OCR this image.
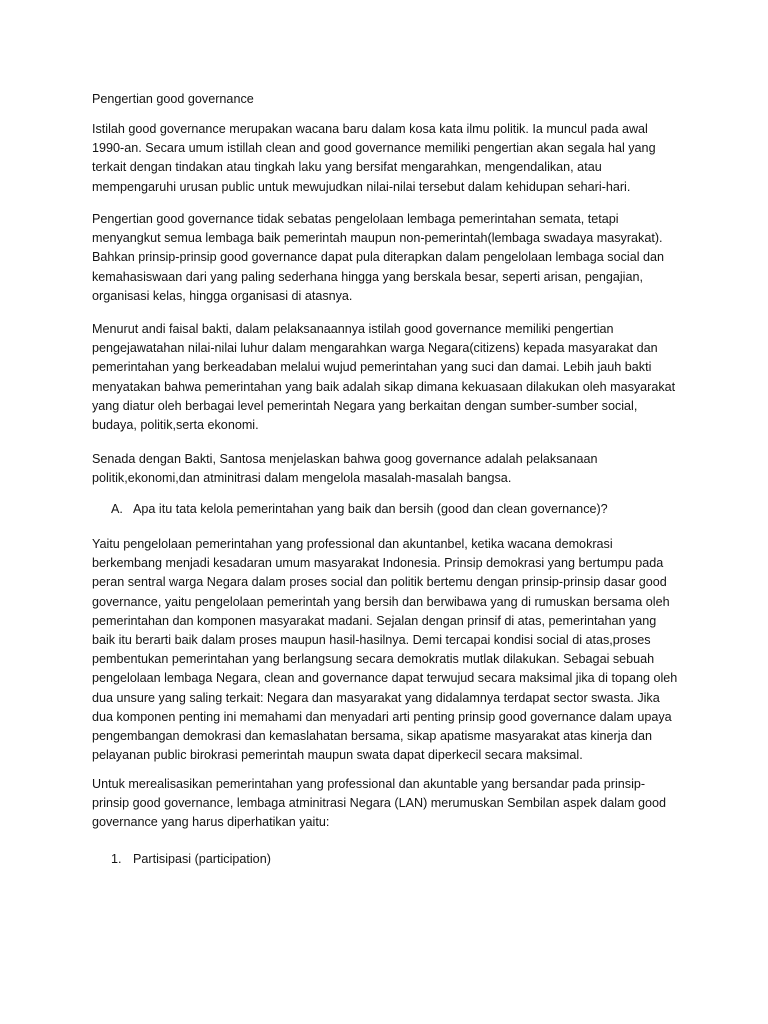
Pengertian good governance

Istilah good governance merupakan wacana baru dalam kosa kata ilmu politik. Ia muncul pada awal
1990-an. Secara umum istillah clean and good governance memiliki pengertian akan segala hal yang
terkait dengan tindakan atau tingkah laku yang bersifat mengarahkan, mengendalikan, atau
mempengaruhi urusan public untuk mewujudkan nilai-nilai tersebut dalam kehidupan sehari-hari.

Pengertian good governance tidak sebatas pengelolaan lembaga pemerintahan semata, tetapi
menyangkut semua lembaga baik pemerintah maupun non-pemerintah(lembaga swadaya masyrakat).
Bahkan prinsip-prinsip good governance dapat pula diterapkan dalam pengelolaan lembaga social dan
kemahasiswaan dari yang paling sederhana hingga yang berskala besar, seperti arisan, pengajian,
organisasi kelas, hingga organisasi di atasnya.

Menurut andi faisal bakti, dalam pelaksanaannya istilah good governance memiliki pengertian
pengejawatahan nilai-nilai luhur dalam mengarahkan warga Negara(citizens) kepada masyarakat dan
pemerintahan yang berkeadaban melalui wujud pemerintahan yang suci dan damai. Lebih jauh bakti
menyatakan bahwa pemerintahan yang baik adalah sikap dimana kekuasaan dilakukan oleh masyarakat
yang diatur oleh berbagai level pemerintah Negara yang berkaitan dengan sumber-sumber social,
budaya, politik,serta ekonomi.

Senada dengan Bakti, Santosa menjelaskan bahwa goog governance adalah pelaksanaan
politik,ekonomi,dan atminitrasi dalam mengelola masalah-masalah bangsa.

A. Apa itu tata kelola pemerintahan yang baik dan bersih (good dan clean governance)?

Yaitu pengelolaan pemerintahan yang professional dan akuntanbel, ketika wacana demokrasi
berkembang menjadi kesadaran umum masyarakat Indonesia. Prinsip demokrasi yang bertumpu pada
peran sentral warga Negara dalam proses social dan politik bertemu dengan prinsip-prinsip dasar good
governance, yaitu pengelolaan pemerintah yang bersih dan berwibawa yang di rumuskan bersama oleh
pemerintahan dan komponen masyarakat madani. Sejalan dengan prinsif di atas, pemerintahan yang
baik itu berarti baik dalam proses maupun hasil-hasilnya. Demi tercapai kondisi social di atas,proses
pembentukan pemerintahan yang berlangsung secara demokratis mutlak dilakukan. Sebagai sebuah
pengelolaan lembaga Negara, clean and governance dapat terwujud secara maksimal jika di topang oleh
dua unsure yang saling terkait: Negara dan masyarakat yang didalamnya terdapat sector swasta. Jika
dua komponen penting ini memahami dan menyadari arti penting prinsip good governance dalam upaya
pengembangan demokrasi dan kemaslahatan bersama, sikap apatisme masyarakat atas kinerja dan
pelayanan public birokrasi pemerintah maupun swata dapat diperkecil secara maksimal.

Untuk merealisasikan pemerintahan yang professional dan akuntable yang bersandar pada prinsip-
prinsip good governance, lembaga atminitrasi Negara (LAN) merumuskan Sembilan aspek dalam good
governance yang harus diperhatikan yaitu:

1. Partisipasi (participation)
